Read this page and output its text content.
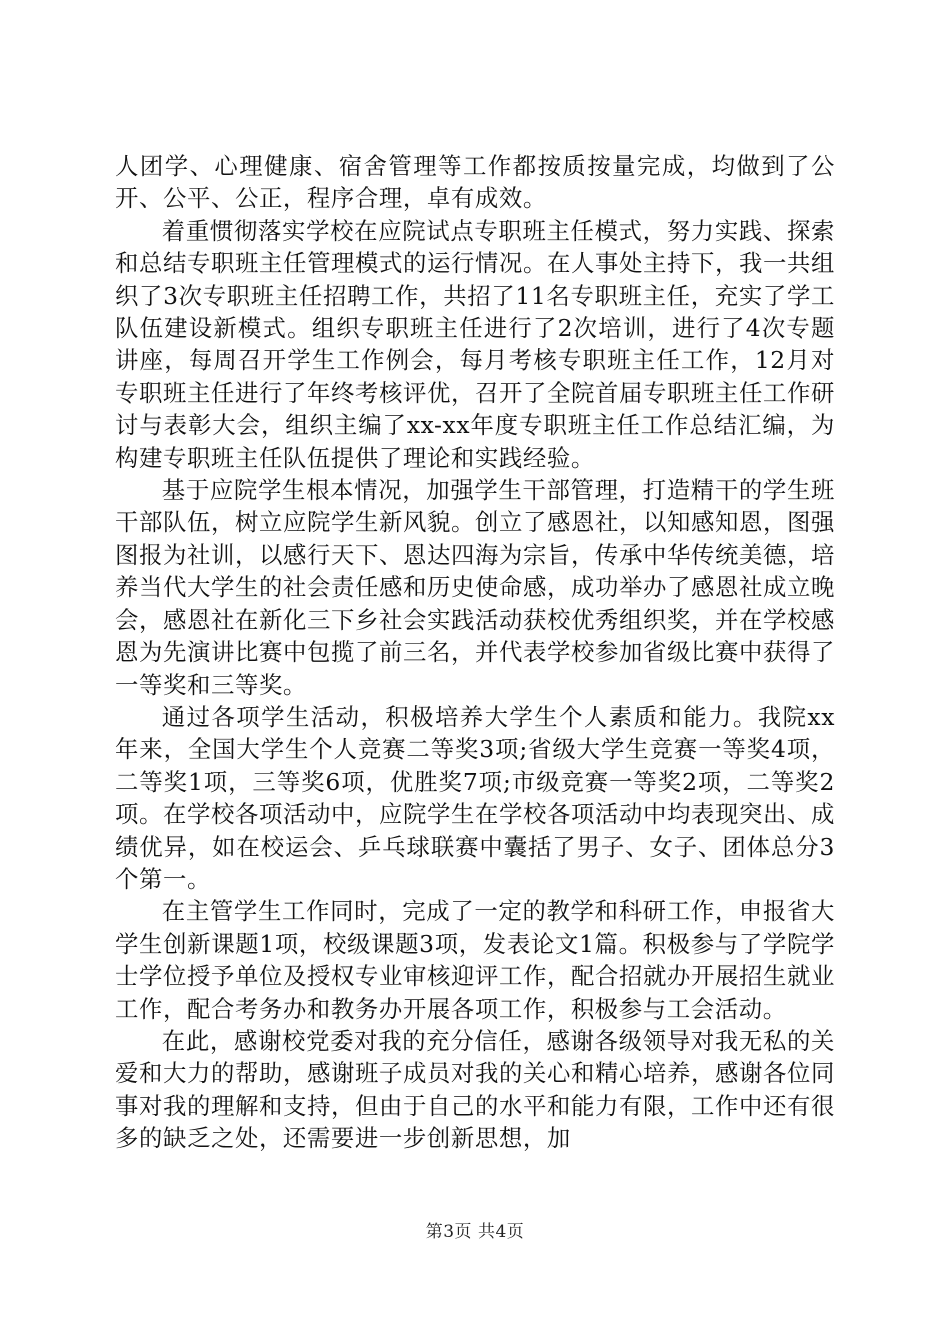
人团学、心理健康、宿舍管理等工作都按质按量完成，均做到了公开、公平、公正，程序合理，卓有成效。

着重惯彻落实学校在应院试点专职班主任模式，努力实践、探索和总结专职班主任管理模式的运行情况。在人事处主持下，我一共组织了3次专职班主任招聘工作，共招了11名专职班主任，充实了学工队伍建设新模式。组织专职班主任进行了2次培训，进行了4次专题讲座，每周召开学生工作例会，每月考核专职班主任工作，12月对专职班主任进行了年终考核评优，召开了全院首届专职班主任工作研讨与表彰大会，组织主编了xx-xx年度专职班主任工作总结汇编，为构建专职班主任队伍提供了理论和实践经验。

基于应院学生根本情况，加强学生干部管理，打造精干的学生班干部队伍，树立应院学生新风貌。创立了感恩社，以知感知恩，图强图报为社训，以感行天下、恩达四海为宗旨，传承中华传统美德，培养当代大学生的社会责任感和历史使命感，成功举办了感恩社成立晚会，感恩社在新化三下乡社会实践活动获校优秀组织奖，并在学校感恩为先演讲比赛中包揽了前三名，并代表学校参加省级比赛中获得了一等奖和三等奖。

通过各项学生活动，积极培养大学生个人素质和能力。我院xx年来，全国大学生个人竞赛二等奖3项;省级大学生竞赛一等奖4项，二等奖1项，三等奖6项，优胜奖7项;市级竞赛一等奖2项，二等奖2项。在学校各项活动中，应院学生在学校各项活动中均表现突出、成绩优异，如在校运会、乒乓球联赛中囊括了男子、女子、团体总分3个第一。

在主管学生工作同时，完成了一定的教学和科研工作，申报省大学生创新课题1项，校级课题3项，发表论文1篇。积极参与了学院学士学位授予单位及授权专业审核迎评工作，配合招就办开展招生就业工作，配合考务办和教务办开展各项工作，积极参与工会活动。

在此，感谢校党委对我的充分信任，感谢各级领导对我无私的关爱和大力的帮助，感谢班子成员对我的关心和精心培养，感谢各位同事对我的理解和支持，但由于自己的水平和能力有限，工作中还有很多的缺乏之处，还需要进一步创新思想，加

第3页 共4页
